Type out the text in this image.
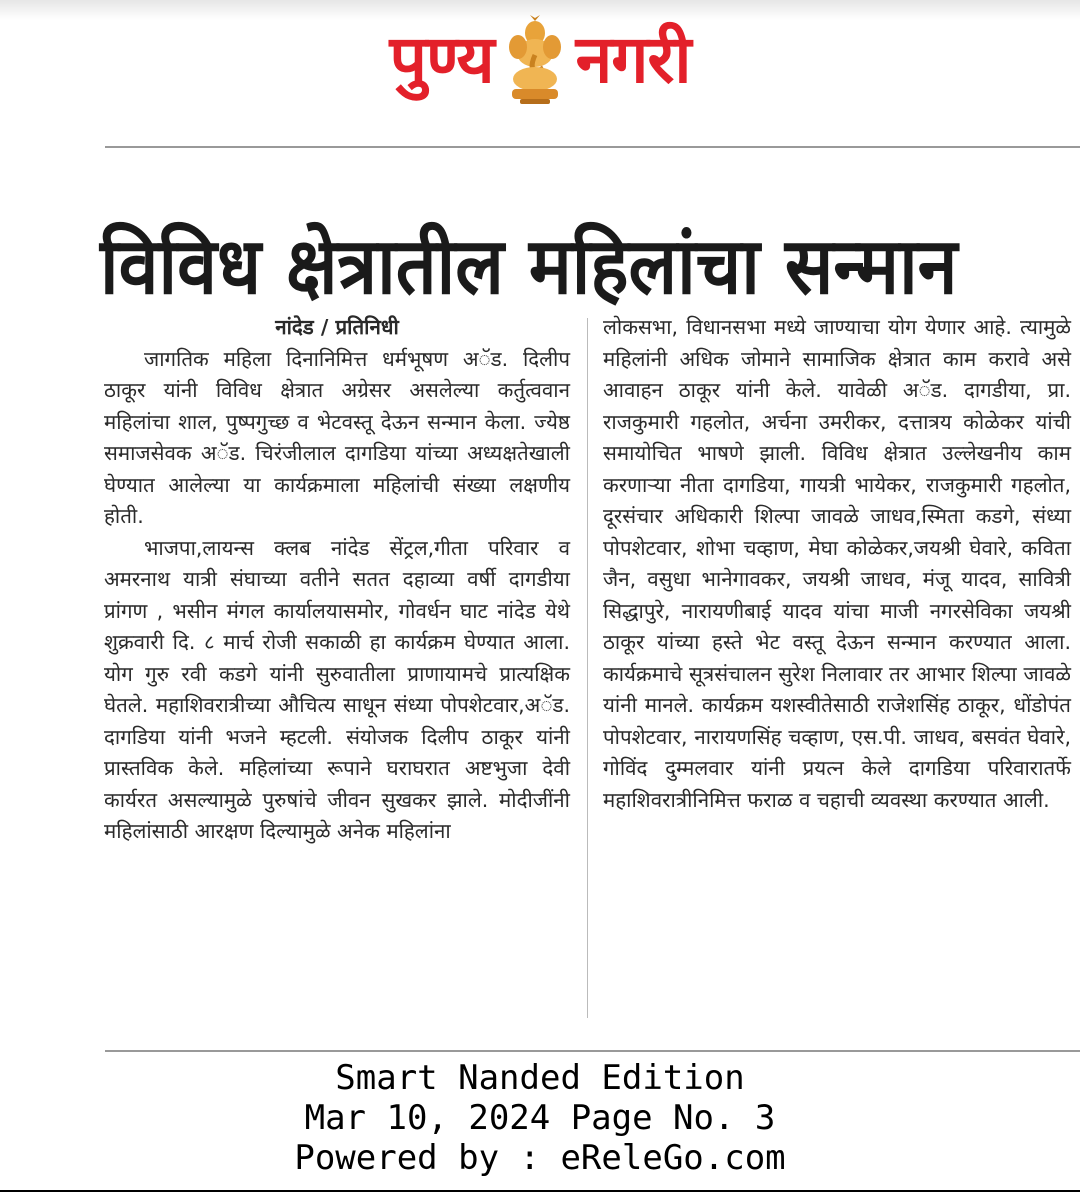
पुण्य नगरी
विविध क्षेत्रातील महिलांचा सन्मान
नांदेड / प्रतिनिधी

जागतिक महिला दिनानिमित्त धर्मभूषण अॅड. दिलीप ठाकूर यांनी विविध क्षेत्रात अग्रेसर असलेल्या कर्तुत्ववान महिलांचा शाल, पुष्पगुच्छ व भेटवस्तू देऊन सन्मान केला. ज्येष्ठ समाजसेवक अॅड. चिरंजीलाल दागडिया यांच्या अध्यक्षतेखाली घेण्यात आलेल्या या कार्यक्रमाला महिलांची संख्या लक्षणीय होती.

भाजपा,लायन्स क्लब नांदेड सेंट्रल,गीता परिवार व अमरनाथ यात्री संघाच्या वतीने सतत दहाव्या वर्षी दागडीया प्रांगण , भसीन मंगल कार्यालयासमोर, गोवर्धन घाट नांदेड येथे शुक्रवारी दि. ८ मार्च रोजी सकाळी हा कार्यक्रम घेण्यात आला. योग गुरु रवी कडगे यांनी सुरुवातीला प्राणायामचे प्रात्यक्षिक घेतले. महाशिवरात्रीच्या औचित्य साधून संध्या पोपशेटवार,अॅड. दागडिया यांनी भजने म्हटली. संयोजक दिलीप ठाकूर यांनी प्रास्तविक केले. महिलांच्या रूपाने घराघरात अष्टभुजा देवी कार्यरत असल्यामुळे पुरुषांचे जीवन सुखकर झाले. मोदीजींनी महिलांसाठी आरक्षण दिल्यामुळे अनेक महिलांना

लोकसभा, विधानसभा मध्ये जाण्याचा योग येणार आहे. त्यामुळे महिलांनी अधिक जोमाने सामाजिक क्षेत्रात काम करावे असे आवाहन ठाकूर यांनी केले. यावेळी अॅड. दागडीया, प्रा. राजकुमारी गहलोत, अर्चना उमरीकर, दत्तात्रय कोळेकर यांची समायोचित भाषणे झाली. विविध क्षेत्रात उल्लेखनीय काम करणाऱ्या नीता दागडिया, गायत्री भायेकर, राजकुमारी गहलोत, दूरसंचार अधिकारी शिल्पा जावळे जाधव,स्मिता कडगे, संध्या पोपशेटवार, शोभा चव्हाण, मेघा कोळेकर,जयश्री घेवारे, कविता जैन, वसुधा भानेगावकर, जयश्री जाधव, मंजू यादव, सावित्री सिद्धापुरे, नारायणीबाई यादव यांचा माजी नगरसेविका जयश्री ठाकूर यांच्या हस्ते भेट वस्तू देऊन सन्मान करण्यात आला. कार्यक्रमाचे सूत्रसंचालन सुरेश निलावार तर आभार शिल्पा जावळे यांनी मानले. कार्यक्रम यशस्वीतेसाठी राजेशसिंह ठाकूर, धोंडोपंत पोपशेटवार, नारायणसिंह चव्हाण, एस.पी. जाधव, बसवंत घेवारे, गोविंद दुम्मलवार यांनी प्रयत्न केले दागडिया परिवारातर्फे महाशिवरात्रीनिमित्त फराळ व चहाची व्यवस्था करण्यात आली.

Smart Nanded Edition
Mar 10, 2024 Page No. 3
Powered by : eReleGo.com
